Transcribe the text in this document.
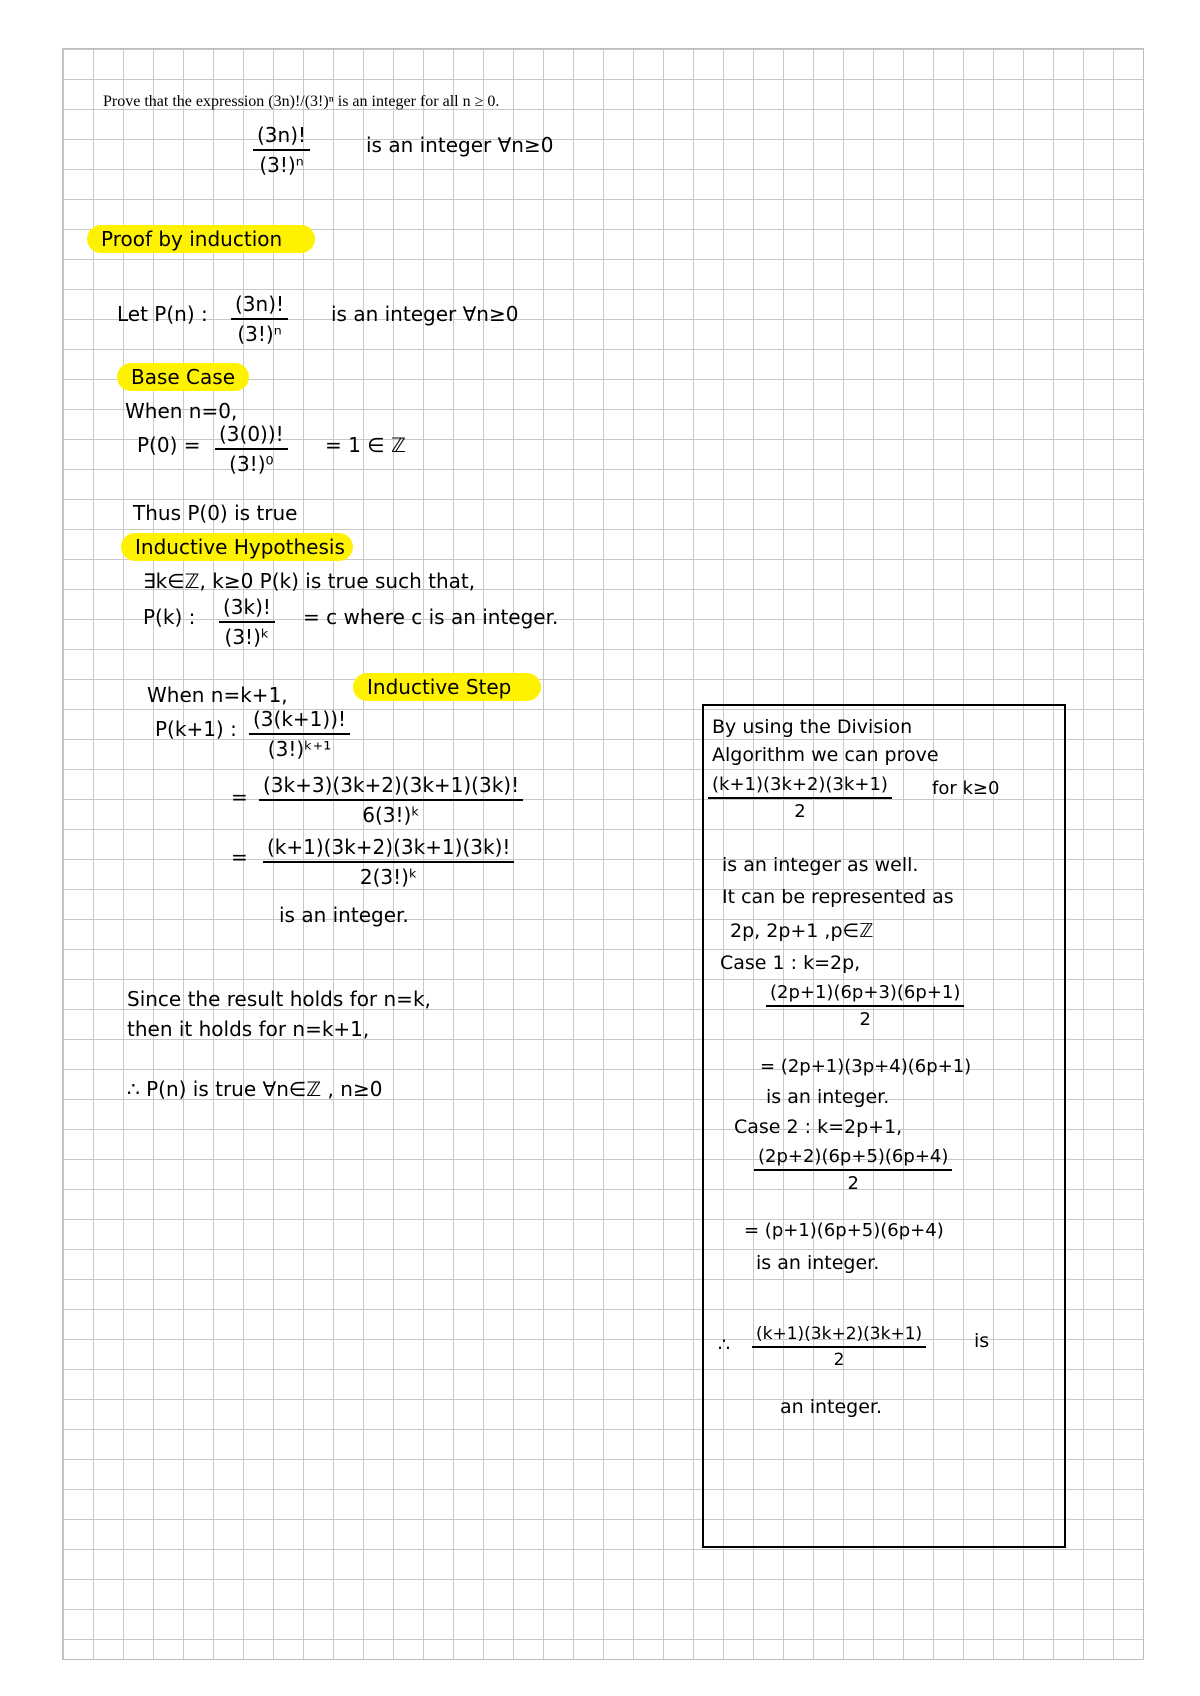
Prove that the expression (3n)!/(3!)ⁿ is an integer for all n ≥ 0.
(3n)!
(3!)ⁿ
is an integer ∀n≥0
Proof by induction
Let P(n) : (3n)!
(3!)ⁿ
is an integer ∀n≥0
Base Case
When n=0,
P(0) = (3(0))!
(3!)⁰
= 1 ∈ ℤ
Thus P(0) is true
Inductive Hypothesis
∃k∈ℤ, k≥0 P(k) is true such that,
P(k) : (3k)!
(3!)ᵏ
= c where c is an integer.
When n=k+1,	Inductive Step
P(k+1) : (3(k+1))!
(3!)ᵏ⁺¹
= (3k+3)(3k+2)(3k+1)(3k)!
6(3!)ᵏ
= (k+1)(3k+2)(3k+1)(3k)!
2(3!)ᵏ
is an integer.
Since the result holds for n=k,
then it holds for n=k+1,
∴ P(n) is true ∀n∈ℤ , n≥0
By using the Division
Algorithm we can prove
(k+1)(3k+2)(3k+1)
2
for k≥0
is an integer as well.
It can be represented as
2p, 2p+1 ,p∈ℤ
Case 1 : k=2p,
(2p+1)(6p+3)(6p+1)
2
= (2p+1)(3p+4)(6p+1)
is an integer.
Case 2 : k=2p+1,
(2p+2)(6p+5)(6p+4)
2
= (p+1)(6p+5)(6p+4)
is an integer.
∴ (k+1)(3k+2)(3k+1)
2
is
an integer.
